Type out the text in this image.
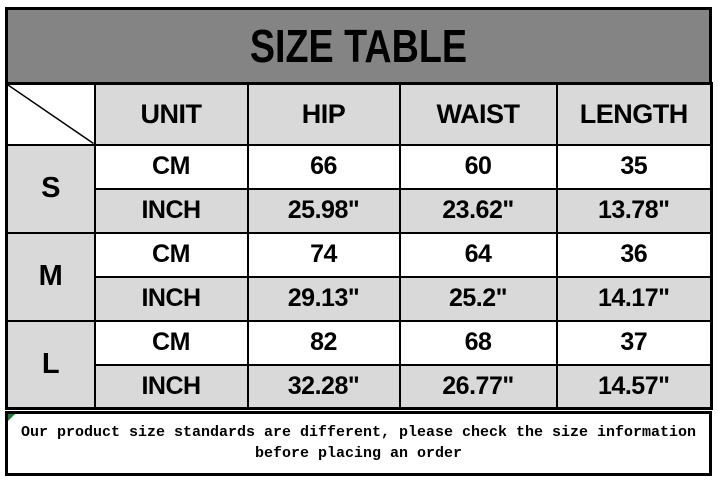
SIZE TABLE
	UNIT	HIP	WAIST	LENGTH
S	CM	66	60	35
	INCH	25.98"	23.62"	13.78"
M	CM	74	64	36
	INCH	29.13"	25.2"	14.17"
L	CM	82	68	37
	INCH	32.28"	26.77"	14.57"
Our product size standards are different, please check the size information
before placing an order
